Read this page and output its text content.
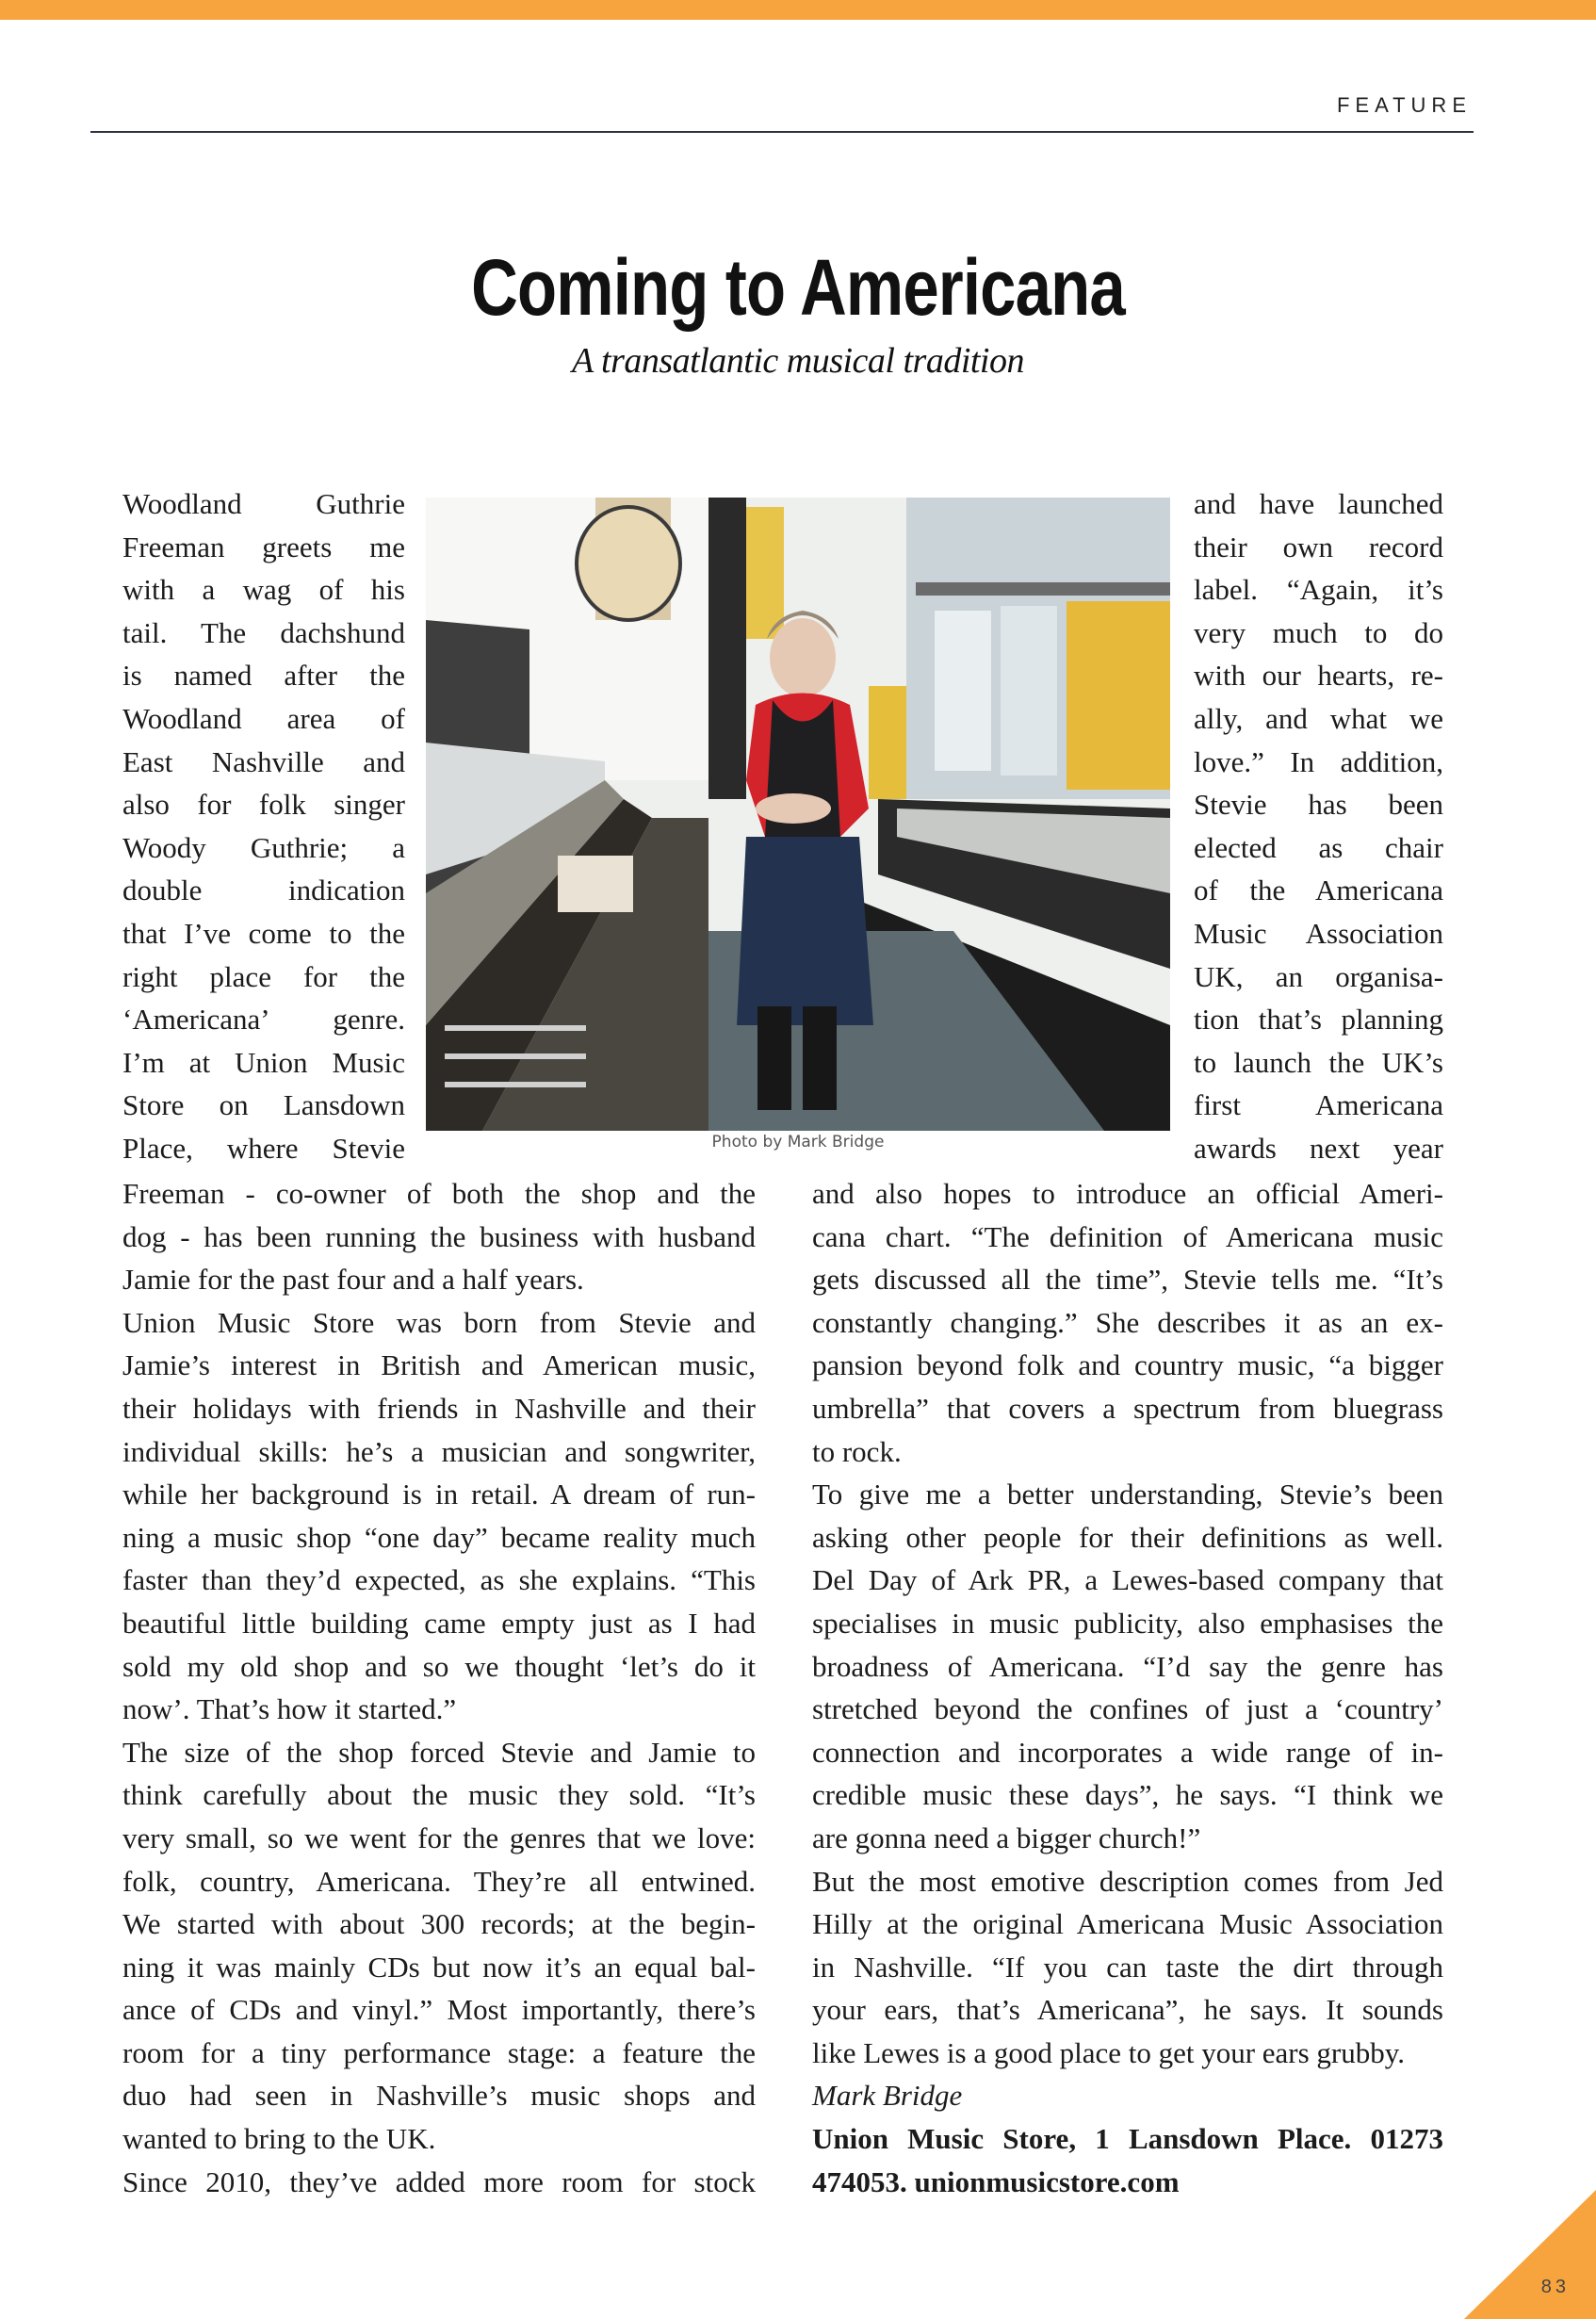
FEATURE
Coming to Americana
A transatlantic musical tradition
Woodland Guthrie
Freeman greets me
with a wag of his
tail. The dachshund
is named after the
Woodland area of
East Nashville and
also for folk singer
Woody Guthrie; a
double indication
that I’ve come to the
right place for the
‘Americana’ genre.
I’m at Union Music
Store on Lansdown
Place, where Stevie	Photo by Mark Bridge
and have launched
their own record
label. “Again, it’s
very much to do
with our hearts, re-
ally, and what we
love.” In addition,
Stevie has been
elected as chair
of the Americana
Music Association
UK, an organisa-
tion that’s planning
to launch the UK’s
first Americana
awards next year
Freeman - co-owner of both the shop and the
dog - has been running the business with husband
Jamie for the past four and a half years.
Union Music Store was born from Stevie and
Jamie’s interest in British and American music,
their holidays with friends in Nashville and their
individual skills: he’s a musician and songwriter,
while her background is in retail. A dream of run-
ning a music shop “one day” became reality much
faster than they’d expected, as she explains. “This
beautiful little building came empty just as I had
sold my old shop and so we thought ‘let’s do it
now’. That’s how it started.”
The size of the shop forced Stevie and Jamie to
think carefully about the music they sold. “It’s
very small, so we went for the genres that we love:
folk, country, Americana. They’re all entwined.
We started with about 300 records; at the begin-
ning it was mainly CDs but now it’s an equal bal-
ance of CDs and vinyl.” Most importantly, there’s
room for a tiny performance stage: a feature the
duo had seen in Nashville’s music shops and
wanted to bring to the UK.
Since 2010, they’ve added more room for stock
and also hopes to introduce an official Ameri-
cana chart. “The definition of Americana music
gets discussed all the time”, Stevie tells me. “It’s
constantly changing.” She describes it as an ex-
pansion beyond folk and country music, “a bigger
umbrella” that covers a spectrum from bluegrass
to rock.
To give me a better understanding, Stevie’s been
asking other people for their definitions as well.
Del Day of Ark PR, a Lewes-based company that
specialises in music publicity, also emphasises the
broadness of Americana. “I’d say the genre has
stretched beyond the confines of just a ‘country’
connection and incorporates a wide range of in-
credible music these days”, he says. “I think we
are gonna need a bigger church!”
But the most emotive description comes from Jed
Hilly at the original Americana Music Association
in Nashville. “If you can taste the dirt through
your ears, that’s Americana”, he says. It sounds
like Lewes is a good place to get your ears grubby.
Mark Bridge
Union Music Store, 1 Lansdown Place. 01273
474053. unionmusicstore.com
83
